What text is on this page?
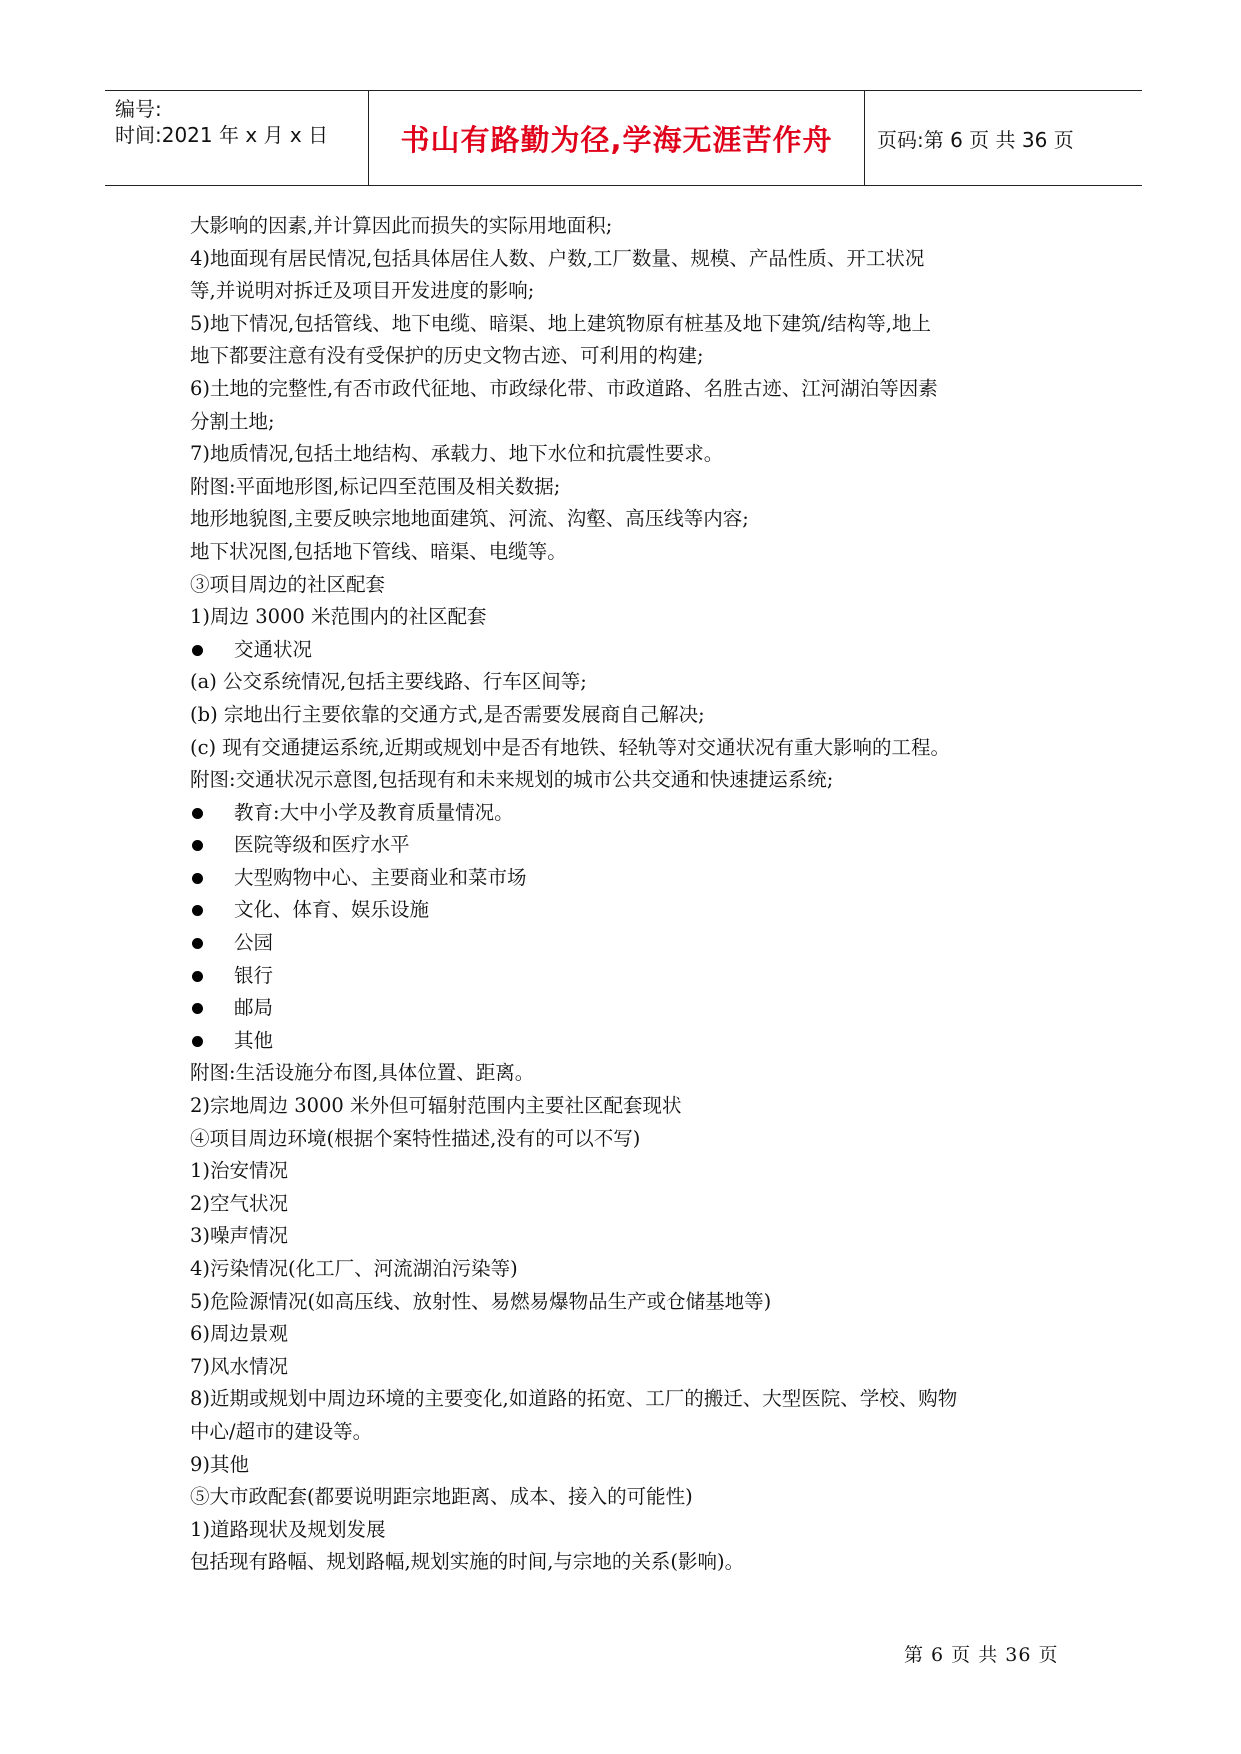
编号:
时间:2021 年 x 月 x 日 书山有路勤为径,学海无涯苦作舟 页码:第 6 页 共 36 页
大影响的因素,并计算因此而损失的实际用地面积;
4)地面现有居民情况,包括具体居住人数、户数,工厂数量、规模、产品性质、开工状况
等,并说明对拆迁及项目开发进度的影响;
5)地下情况,包括管线、地下电缆、暗渠、地上建筑物原有桩基及地下建筑/结构等,地上
地下都要注意有没有受保护的历史文物古迹、可利用的构建;
6)土地的完整性,有否市政代征地、市政绿化带、市政道路、名胜古迹、江河湖泊等因素
分割土地;
7)地质情况,包括土地结构、承载力、地下水位和抗震性要求。
附图:平面地形图,标记四至范围及相关数据;
地形地貌图,主要反映宗地地面建筑、河流、沟壑、高压线等内容;
地下状况图,包括地下管线、暗渠、电缆等。
③项目周边的社区配套
1)周边 3000 米范围内的社区配套
交通状况
(a) 公交系统情况,包括主要线路、行车区间等;
(b) 宗地出行主要依靠的交通方式,是否需要发展商自己解决;
(c) 现有交通捷运系统,近期或规划中是否有地铁、轻轨等对交通状况有重大影响的工程。
附图:交通状况示意图,包括现有和未来规划的城市公共交通和快速捷运系统;
教育:大中小学及教育质量情况。
医院等级和医疗水平
大型购物中心、主要商业和菜市场
文化、体育、娱乐设施
公园
银行
邮局
其他
附图:生活设施分布图,具体位置、距离。
2)宗地周边 3000 米外但可辐射范围内主要社区配套现状
④项目周边环境(根据个案特性描述,没有的可以不写)
1)治安情况
2)空气状况
3)噪声情况
4)污染情况(化工厂、河流湖泊污染等)
5)危险源情况(如高压线、放射性、易燃易爆物品生产或仓储基地等)
6)周边景观
7)风水情况
8)近期或规划中周边环境的主要变化,如道路的拓宽、工厂的搬迁、大型医院、学校、购物
中心/超市的建设等。
9)其他
⑤大市政配套(都要说明距宗地距离、成本、接入的可能性)
1)道路现状及规划发展
包括现有路幅、规划路幅,规划实施的时间,与宗地的关系(影响)。
第 6 页 共 36 页
